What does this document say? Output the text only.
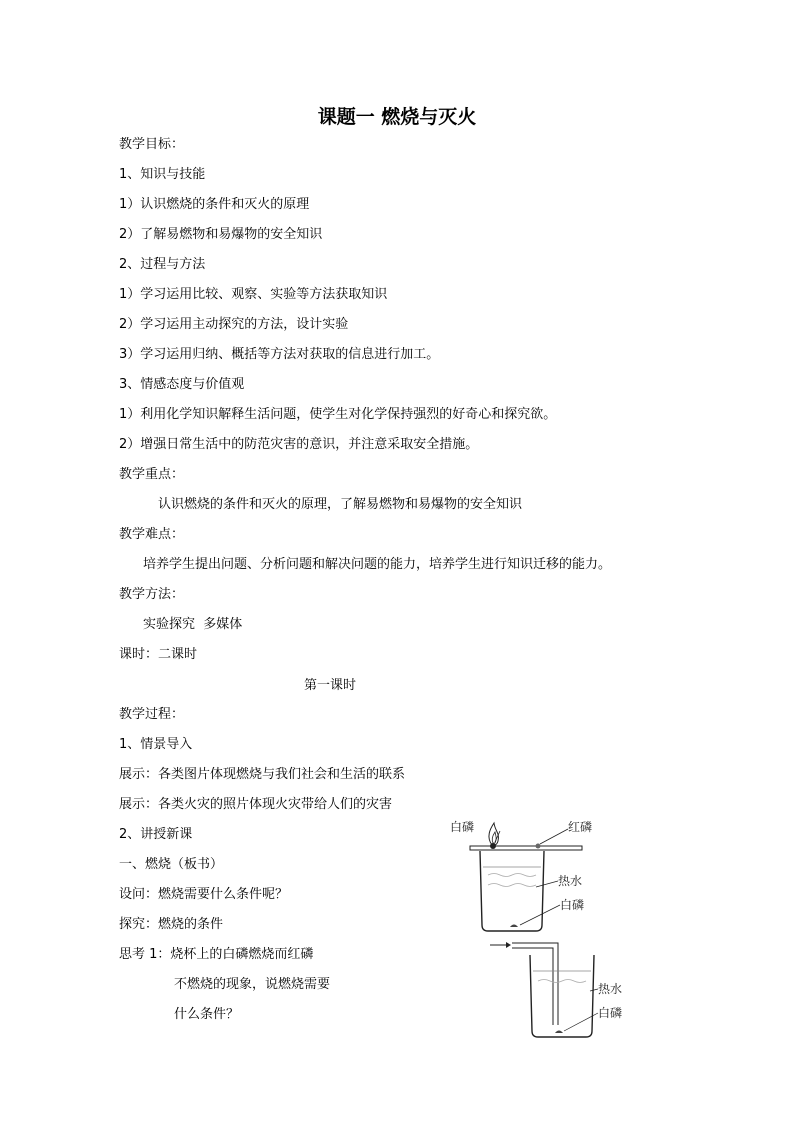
课题一 燃烧与灭火
教学目标：
1、知识与技能
1）认识燃烧的条件和灭火的原理
2）了解易燃物和易爆物的安全知识
2、过程与方法
1）学习运用比较、观察、实验等方法获取知识
2）学习运用主动探究的方法，设计实验
3）学习运用归纳、概括等方法对获取的信息进行加工。
3、情感态度与价值观
1）利用化学知识解释生活问题，使学生对化学保持强烈的好奇心和探究欲。
2）增强日常生活中的防范灾害的意识，并注意采取安全措施。
教学重点：
认识燃烧的条件和灭火的原理，了解易燃物和易爆物的安全知识
教学难点：
培养学生提出问题、分析问题和解决问题的能力，培养学生进行知识迁移的能力。
教学方法：
实验探究  多媒体
课时：二课时
第一课时
教学过程：
1、情景导入
展示：各类图片体现燃烧与我们社会和生活的联系
展示：各类火灾的照片体现火灾带给人们的灾害
2、讲授新课
一、燃烧（板书）
设问：燃烧需要什么条件呢？
探究：燃烧的条件
思考 1：烧杯上的白磷燃烧而红磷
不燃烧的现象，说燃烧需要
什么条件？
白磷	红磷
热水
白磷
热水
白磷
